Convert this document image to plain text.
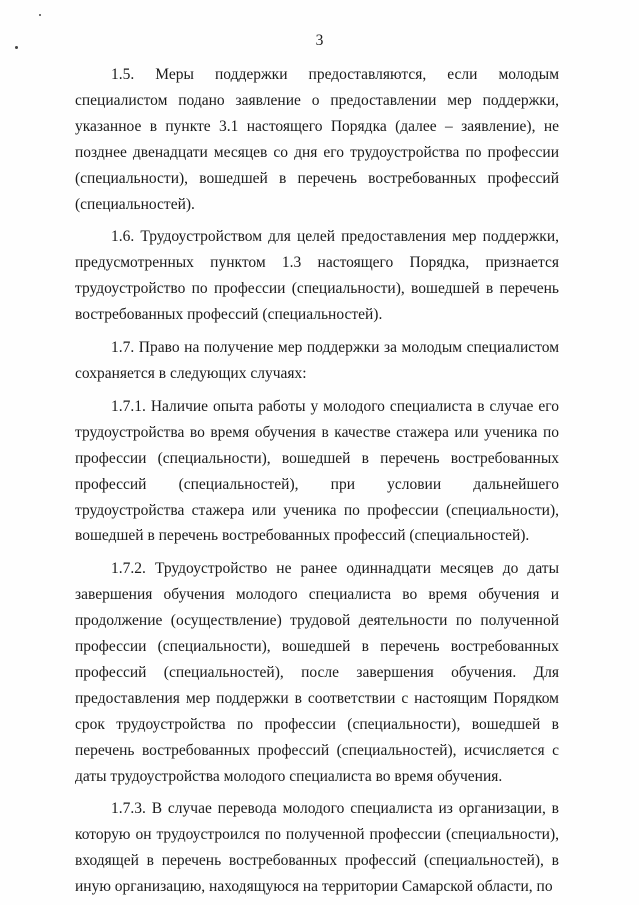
3

1.5. Меры поддержки предоставляются, если молодым специалистом подано заявление о предоставлении мер поддержки, указанное в пункте 3.1 настоящего Порядка (далее – заявление), не позднее двенадцати месяцев со дня его трудоустройства по профессии (специальности), вошедшей в перечень востребованных профессий (специальностей).

1.6. Трудоустройством для целей предоставления мер поддержки, предусмотренных пунктом 1.3 настоящего Порядка, признается трудоустройство по профессии (специальности), вошедшей в перечень востребованных профессий (специальностей).

1.7. Право на получение мер поддержки за молодым специалистом сохраняется в следующих случаях:

1.7.1. Наличие опыта работы у молодого специалиста в случае его трудоустройства во время обучения в качестве стажера или ученика по профессии (специальности), вошедшей в перечень востребованных профессий (специальностей), при условии дальнейшего трудоустройства стажера или ученика по профессии (специальности), вошедшей в перечень востребованных профессий (специальностей).

1.7.2. Трудоустройство не ранее одиннадцати месяцев до даты завершения обучения молодого специалиста во время обучения и продолжение (осуществление) трудовой деятельности по полученной профессии (специальности), вошедшей в перечень востребованных профессий (специальностей), после завершения обучения. Для предоставления мер поддержки в соответствии с настоящим Порядком срок трудоустройства по профессии (специальности), вошедшей в перечень востребованных профессий (специальностей), исчисляется с даты трудоустройства молодого специалиста во время обучения.

1.7.3. В случае перевода молодого специалиста из организации, в которую он трудоустроился по полученной профессии (специальности), входящей в перечень востребованных профессий (специальностей), в иную организацию, находящуюся на территории Самарской области, по
